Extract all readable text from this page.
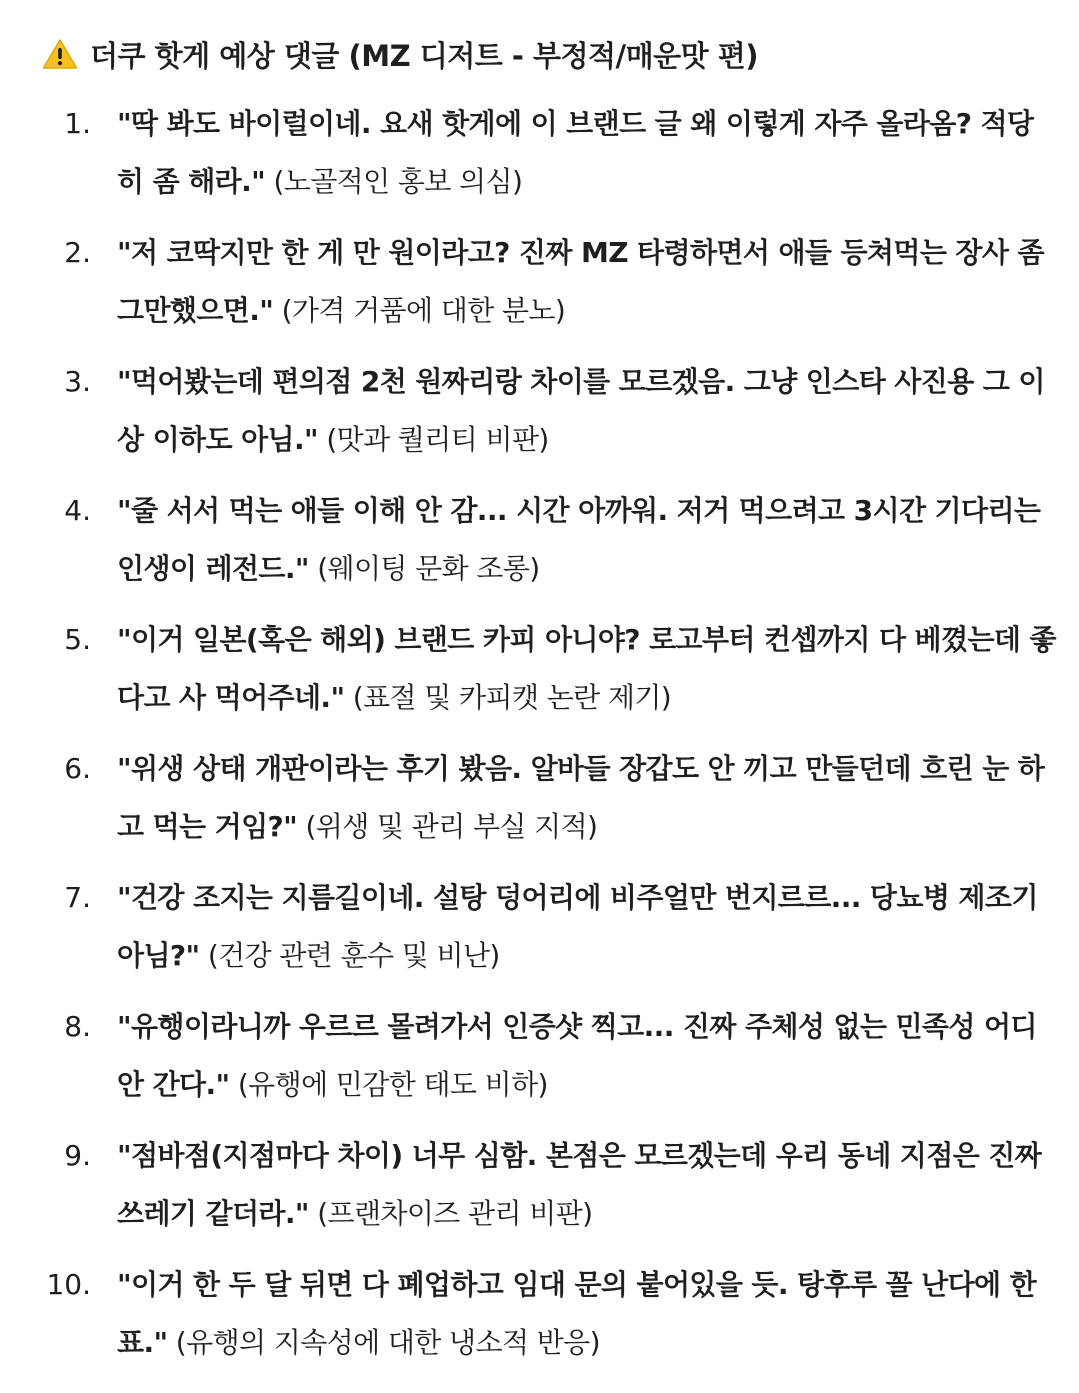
더쿠 핫게 예상 댓글 (MZ 디저트 - 부정적/매운맛 편)
1. "딱 봐도 바이럴이네. 요새 핫게에 이 브랜드 글 왜 이렇게 자주 올라옴? 적당히 좀 해라." (노골적인 홍보 의심)
2. "저 코딱지만 한 게 만 원이라고? 진짜 MZ 타령하면서 애들 등쳐먹는 장사 좀 그만했으면." (가격 거품에 대한 분노)
3. "먹어봤는데 편의점 2천 원짜리랑 차이를 모르겠음. 그냥 인스타 사진용 그 이상 이하도 아님." (맛과 퀄리티 비판)
4. "줄 서서 먹는 애들 이해 안 감... 시간 아까워. 저거 먹으려고 3시간 기다리는 인생이 레전드." (웨이팅 문화 조롱)
5. "이거 일본(혹은 해외) 브랜드 카피 아니야? 로고부터 컨셉까지 다 베꼈는데 좋다고 사 먹어주네." (표절 및 카피캣 논란 제기)
6. "위생 상태 개판이라는 후기 봤음. 알바들 장갑도 안 끼고 만들던데 흐린 눈 하고 먹는 거임?" (위생 및 관리 부실 지적)
7. "건강 조지는 지름길이네. 설탕 덩어리에 비주얼만 번지르르... 당뇨병 제조기 아님?" (건강 관련 훈수 및 비난)
8. "유행이라니까 우르르 몰려가서 인증샷 찍고... 진짜 주체성 없는 민족성 어디 안 간다." (유행에 민감한 태도 비하)
9. "점바점(지점마다 차이) 너무 심함. 본점은 모르겠는데 우리 동네 지점은 진짜 쓰레기 같더라." (프랜차이즈 관리 비판)
10. "이거 한 두 달 뒤면 다 폐업하고 임대 문의 붙어있을 듯. 탕후루 꼴 난다에 한 표." (유행의 지속성에 대한 냉소적 반응)
